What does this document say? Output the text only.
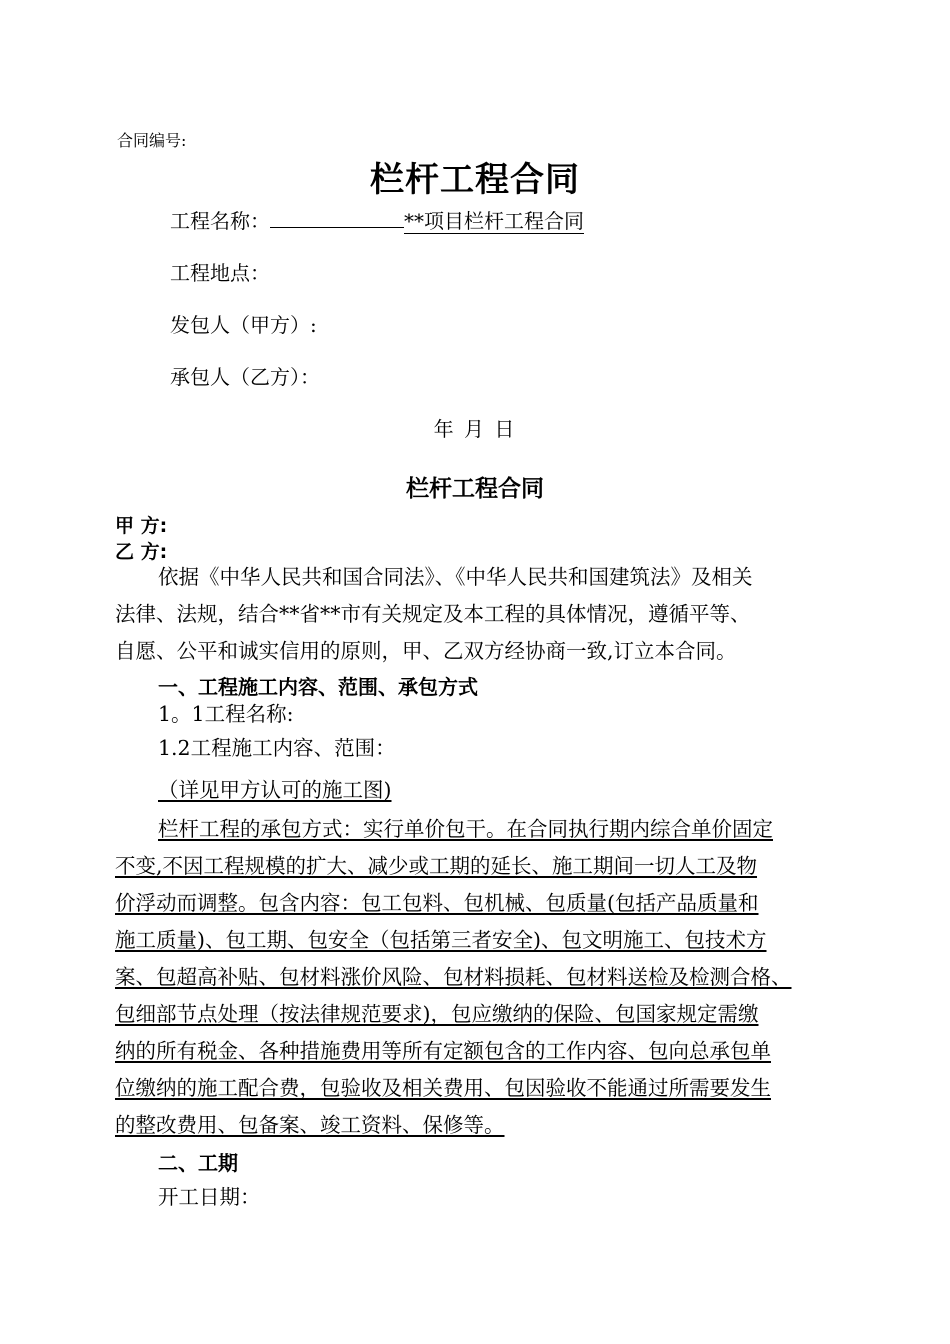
合同编号:
栏杆工程合同
工程名称：	**项目栏杆工程合同
工程地点：
发包人（甲方）:
承包人（乙方）：
年 月 日
栏杆工程合同
甲 方:
乙 方:
依据《中华人民共和国合同法》、《中华人民共和国建筑法》及相关
法律、法规，结合**省**市有关规定及本工程的具体情况，遵循平等、
自愿、公平和诚实信用的原则，甲、乙双方经协商一致,订立本合同。
一、工程施工内容、范围、承包方式
1。1工程名称:
1.2工程施工内容、范围：
（详见甲方认可的施工图)
栏杆工程的承包方式：实行单价包干。在合同执行期内综合单价固定
不变,不因工程规模的扩大、减少或工期的延长、施工期间一切人工及物
价浮动而调整。包含内容：包工包料、包机械、包质量(包括产品质量和
施工质量)、包工期、包安全（包括第三者安全)、包文明施工、包技术方
案、包超高补贴、包材料涨价风险、包材料损耗、包材料送检及检测合格、
包细部节点处理（按法律规范要求)，包应缴纳的保险、包国家规定需缴
纳的所有税金、各种措施费用等所有定额包含的工作内容、包向总承包单
位缴纳的施工配合费，包验收及相关费用、包因验收不能通过所需要发生
的整改费用、包备案、竣工资料、保修等。
二、工期
开工日期：
